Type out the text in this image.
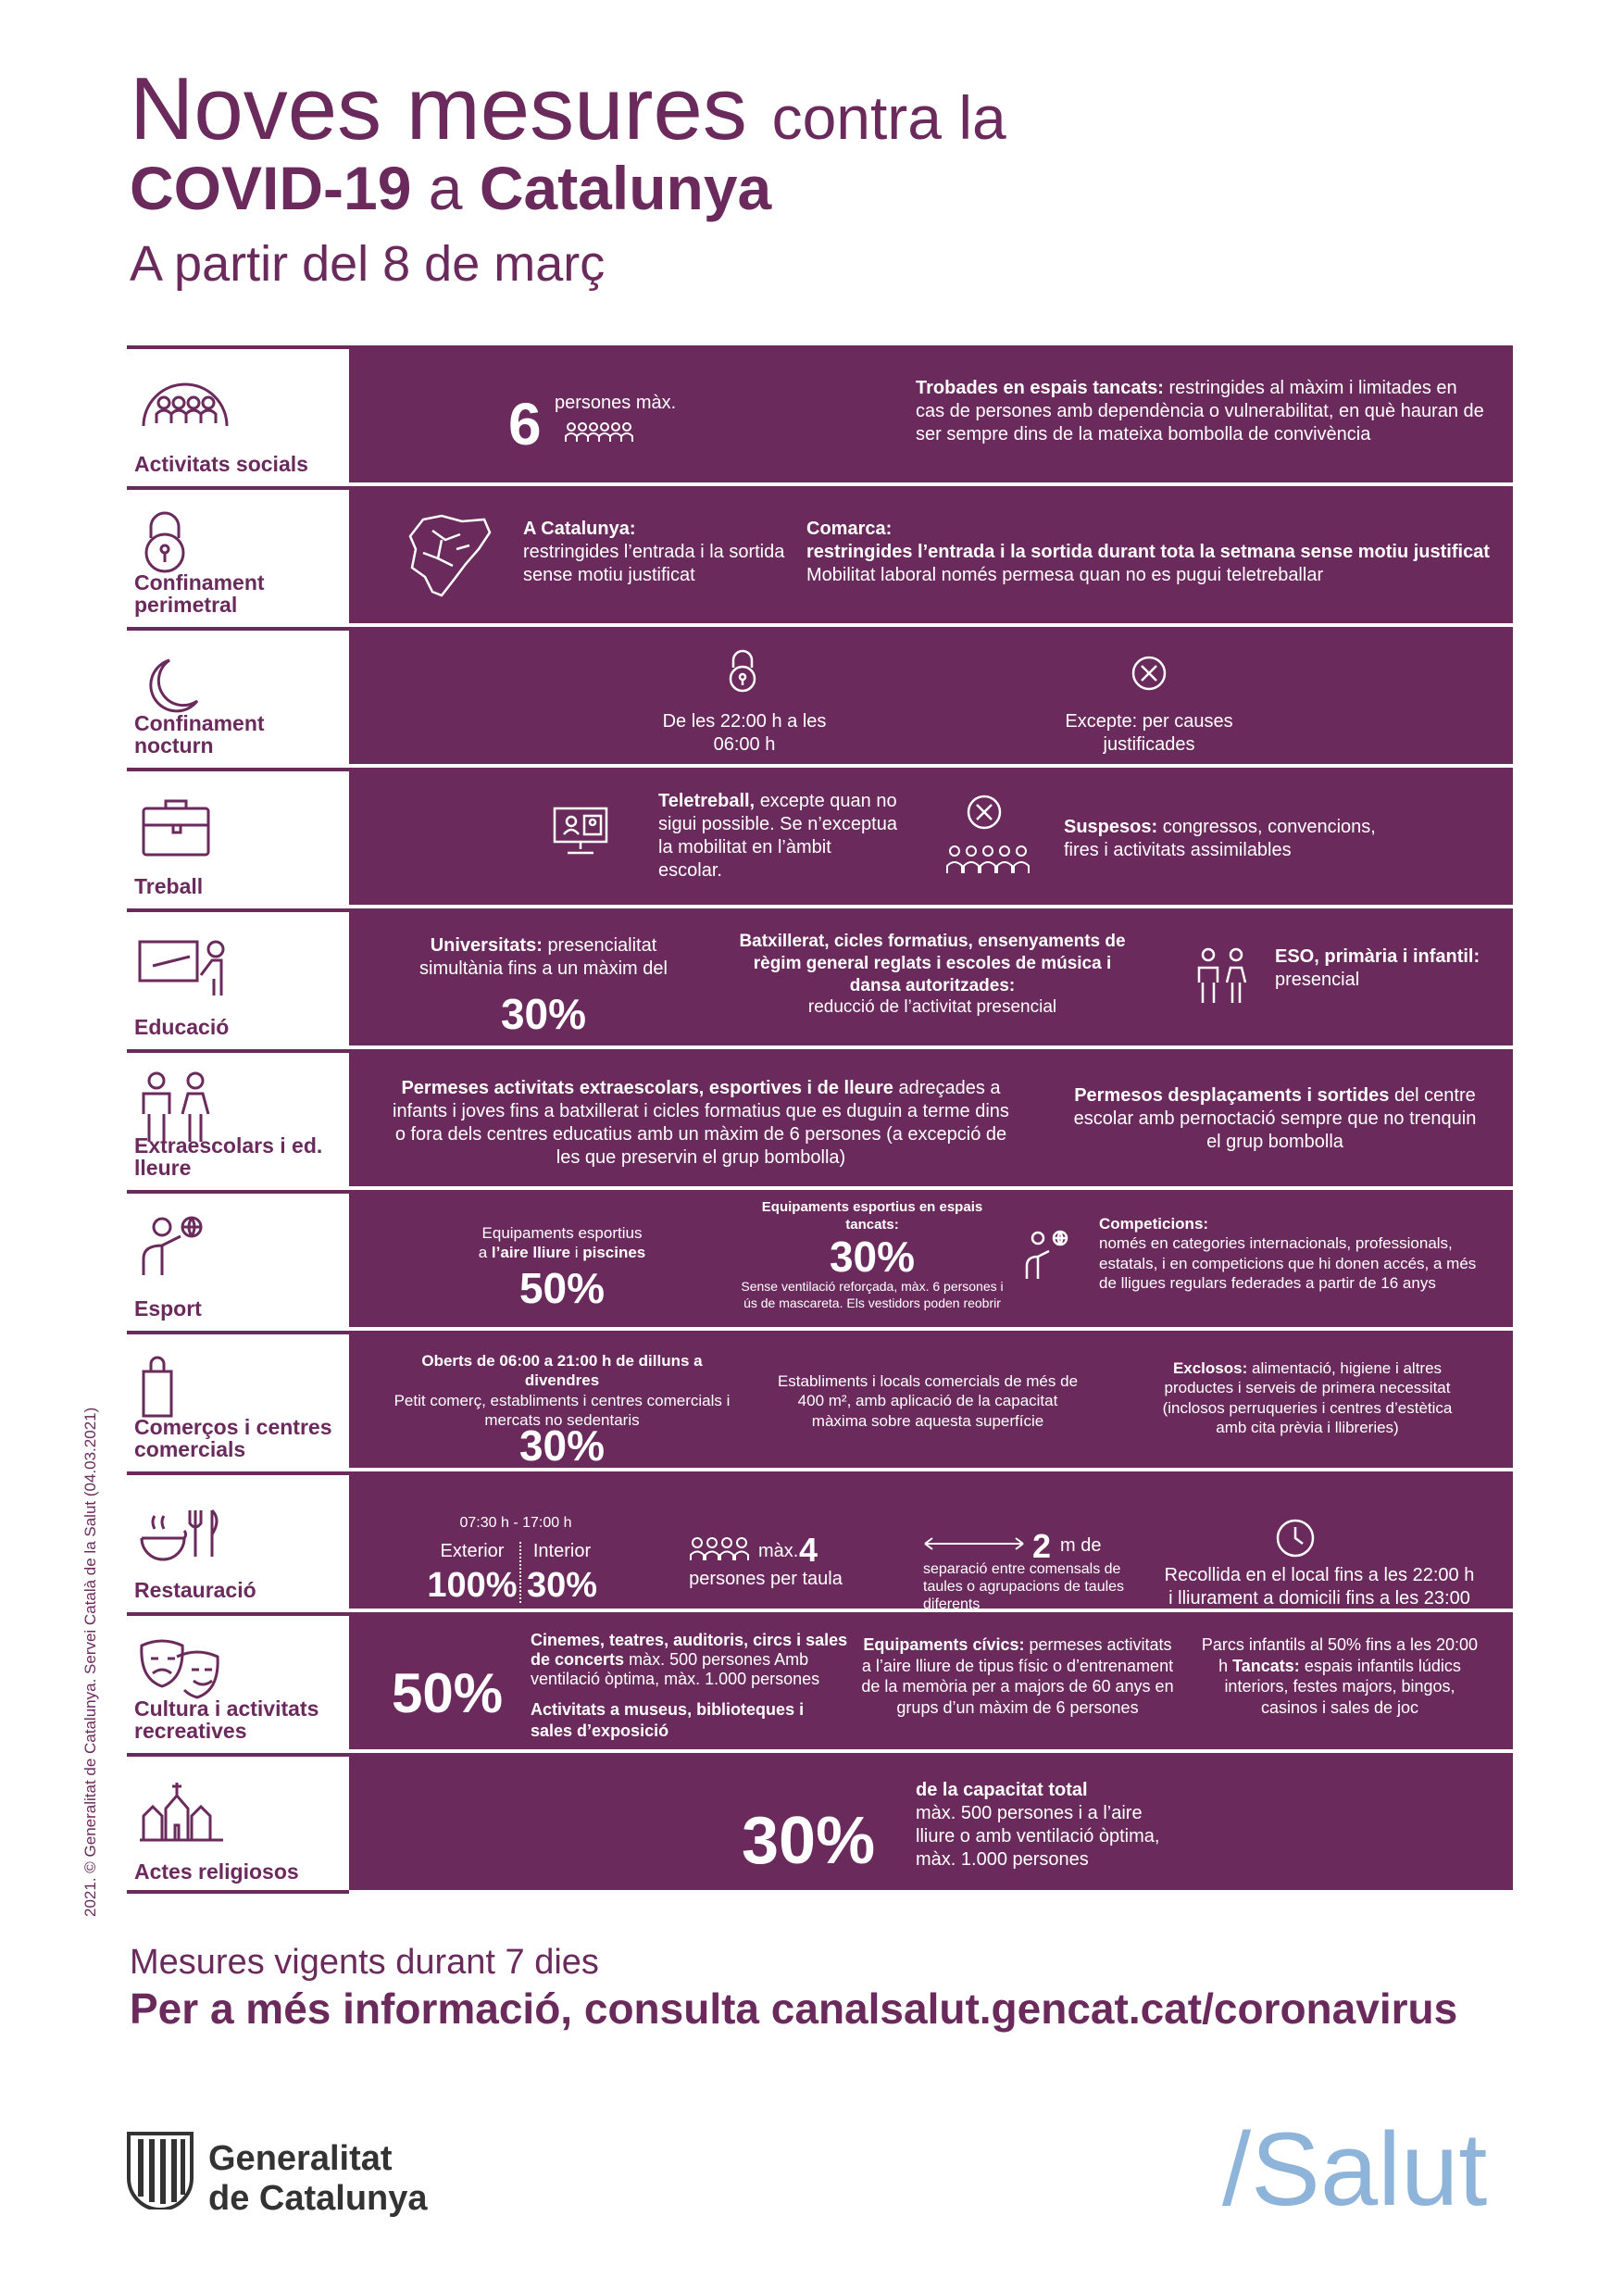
Noves mesures contra la
COVID-19 a Catalunya
A partir del 8 de març
2021. © Generalitat de Catalunya. Servei Català de la Salut (04.03.2021)
Activitats socials
6 persones màx.
Trobades en espais tancats: restringides al màxim i limitades en cas de persones amb dependència o vulnerabilitat, en què hauran de ser sempre dins de la mateixa bombolla de convivència
Confinament perimetral
A Catalunya:
restringides l’entrada i la sortida sense motiu justificat
Comarca:
restringides l’entrada i la sortida durant tota la setmana sense motiu justificat
Mobilitat laboral només permesa quan no es pugui teletreballar
Confinament nocturn
De les 22:00 h a les 06:00 h
Excepte: per causes justificades
Treball
Teletreball, excepte quan no sigui possible. Se n’exceptua la mobilitat en l’àmbit escolar.
Suspesos: congressos, convencions, fires i activitats assimilables
Educació
Universitats: presencialitat simultània fins a un màxim del
30%
Batxillerat, cicles formatius, ensenyaments de règim general reglats i escoles de música i dansa autoritzades:
reducció de l’activitat presencial
ESO, primària i infantil:
presencial
Extraescolars i ed. lleure
Permeses activitats extraescolars, esportives i de lleure adreçades a infants i joves fins a batxillerat i cicles formatius que es duguin a terme dins o fora dels centres educatius amb un màxim de 6 persones (a excepció de les que preservin el grup bombolla)
Permesos desplaçaments i sortides del centre escolar amb pernoctació sempre que no trenquin el grup bombolla
Esport
Equipaments esportius
a l’aire lliure i piscines
50%
Equipaments esportius en espais tancats:
30%
Sense ventilació reforçada, màx. 6 persones i ús de mascareta. Els vestidors poden reobrir
Competicions:
només en categories internacionals, professionals, estatals, i en competicions que hi donen accés, a més de lligues regulars federades a partir de 16 anys
Comerços i centres comercials
Oberts de 06:00 a 21:00 h de dilluns a divendres
Petit comerç, establiments i centres comercials i mercats no sedentaris
30%
Establiments i locals comercials de més de 400 m², amb aplicació de la capacitat màxima sobre aquesta superfície
Exclosos: alimentació, higiene i altres productes i serveis de primera necessitat (inclosos perruqueries i centres d’estètica amb cita prèvia i llibreries)
Restauració
07:30 h - 17:00 h
Exterior
100%
Interior
30%
màx. 4
persones per taula
2 m de
separació entre comensals de taules o agrupacions de taules diferents
Recollida en el local fins a les 22:00 h i lliurament a domicili fins a les 23:00
Cultura i activitats recreatives
50%
Cinemes, teatres, auditoris, circs i sales de concerts màx. 500 persones Amb ventilació òptima, màx. 1.000 persones
Activitats a museus, biblioteques i sales d’exposició
Equipaments cívics: permeses activitats a l’aire lliure de tipus físic o d’entrenament de la memòria per a majors de 60 anys en grups d’un màxim de 6 persones
Parcs infantils al 50% fins a les 20:00 h Tancats: espais infantils lúdics interiors, festes majors, bingos, casinos i sales de joc
Actes religiosos	30%
de la capacitat total
màx. 500 persones i a l’aire lliure o amb ventilació òptima, màx. 1.000 persones
Mesures vigents durant 7 dies
Per a més informació, consulta canalsalut.gencat.cat/coronavirus
Generalitat
de Catalunya	/Salut
